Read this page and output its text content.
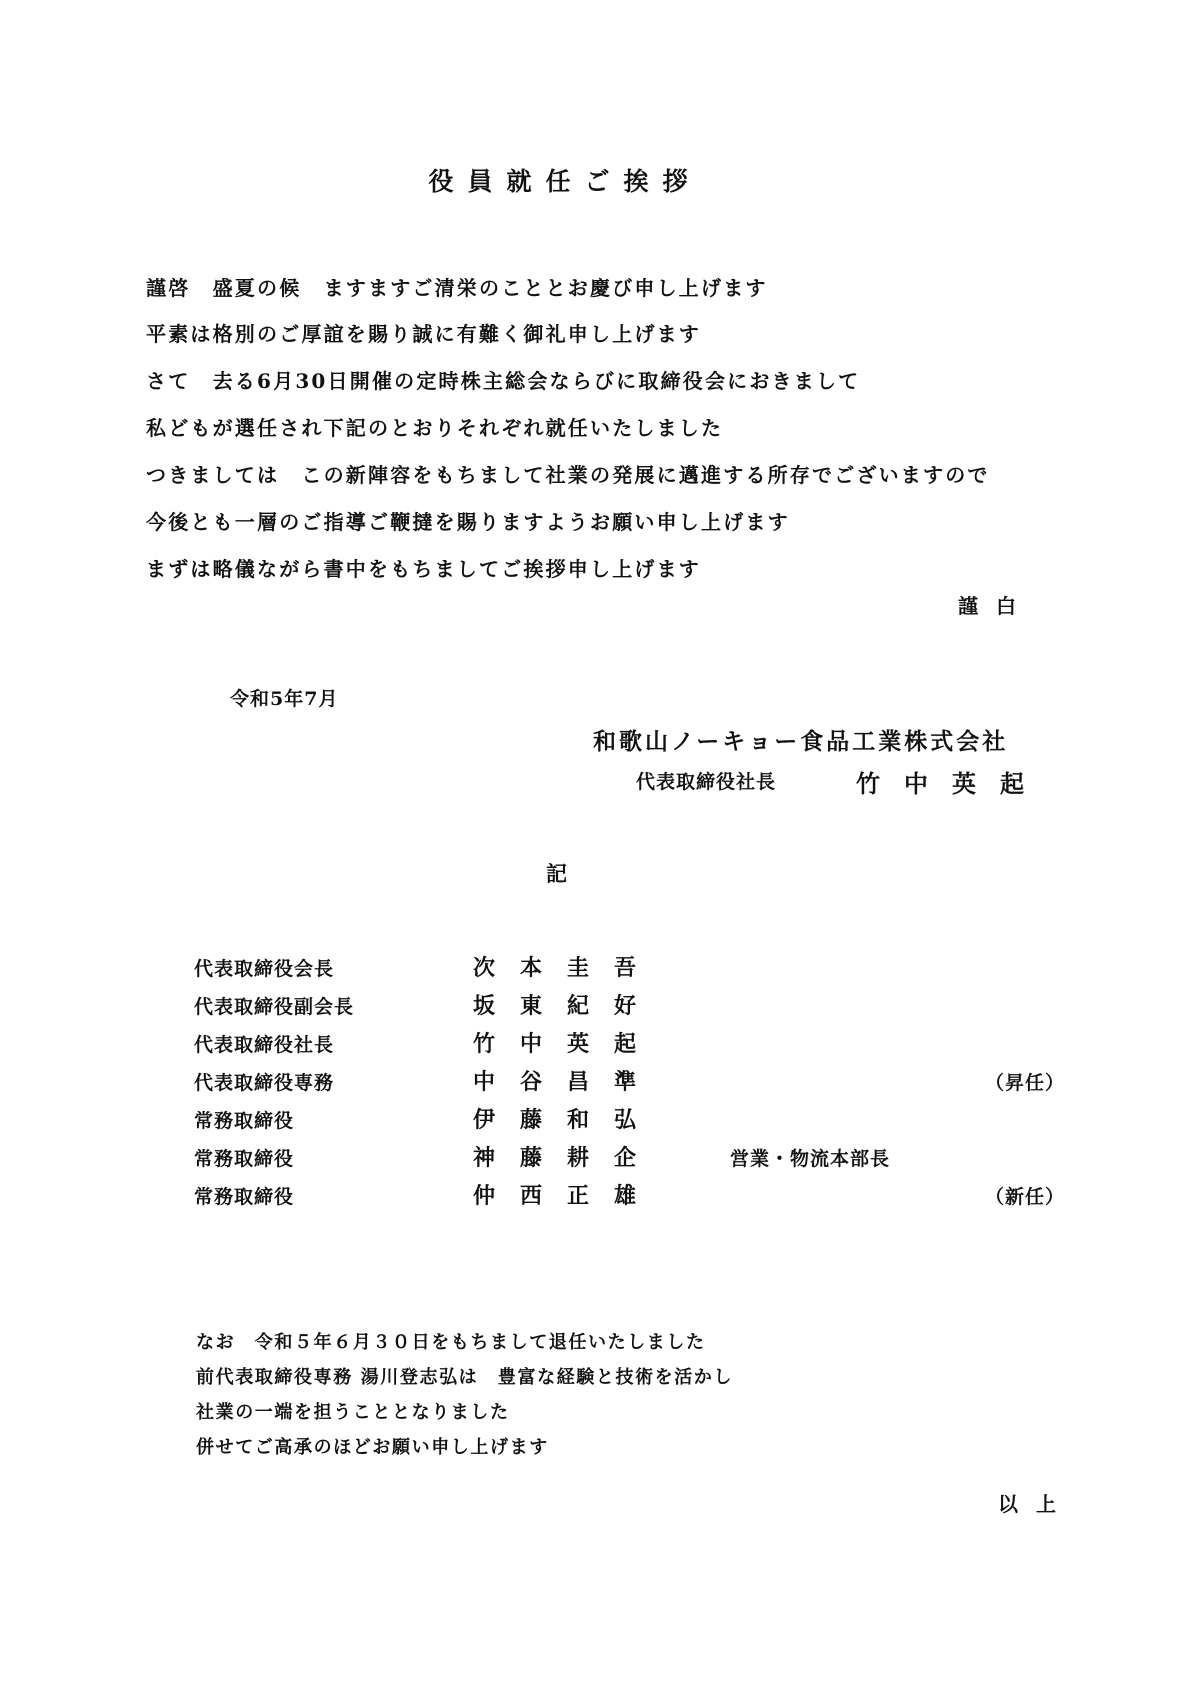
役員就任ご挨拶
謹啓　盛夏の候　ますますご清栄のこととお慶び申し上げます
平素は格別のご厚誼を賜り誠に有難く御礼申し上げます
さて　去る6月30日開催の定時株主総会ならびに取締役会におきまして
私どもが選任され下記のとおりそれぞれ就任いたしました
つきましては　この新陣容をもちまして社業の発展に邁進する所存でございますので
今後とも一層のご指導ご鞭撻を賜りますようお願い申し上げます
まずは略儀ながら書中をもちましてご挨拶申し上げます
謹白
令和5年7月
和歌山ノーキョー食品工業株式会社
代表取締役社長	竹中英起
記
代表取締役会長	次本圭吾
代表取締役副会長	坂東紀好
代表取締役社長	竹中英起
代表取締役専務	中谷昌準	（昇任）
常務取締役	伊藤和弘
常務取締役	神藤耕企	営業・物流本部長
常務取締役	仲西正雄	（新任）
なお　令和５年６月３０日をもちまして退任いたしました
前代表取締役専務 湯川登志弘は　豊富な経験と技術を活かし
社業の一端を担うこととなりました
併せてご高承のほどお願い申し上げます
以上
